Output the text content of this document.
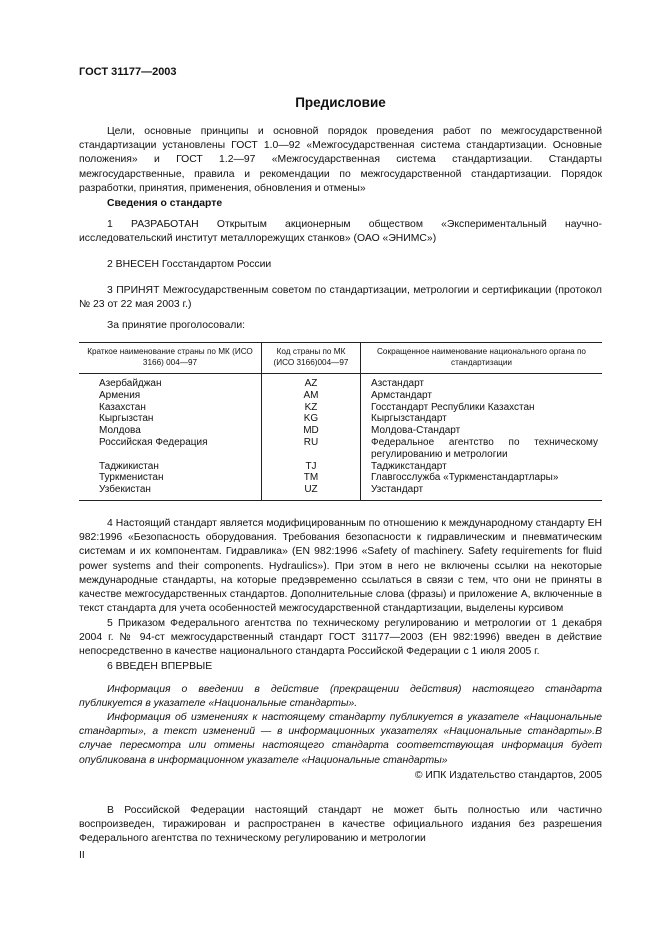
ГОСТ 31177—2003
Предисловие

Цели, основные принципы и основной порядок проведения работ по межгосударственной стандартизации установлены ГОСТ 1.0—92 «Межгосударственная система стандартизации. Основные положения» и ГОСТ 1.2—97 «Межгосударственная система стандартизации. Стандарты межгосударственные, правила и рекомендации по межгосударственной стандартизации. Порядок разработки, принятия, применения, обновления и отмены»

Сведения о стандарте

1 РАЗРАБОТАН Открытым акционерным обществом «Экспериментальный научно-исследовательский институт металлорежущих станков» (ОАО «ЭНИМС»)

2 ВНЕСЕН Госстандартом России

3 ПРИНЯТ Межгосударственным советом по стандартизации, метрологии и сертификации (протокол № 23 от 22 мая 2003 г.)

За принятие проголосовали:
Краткое наименование страны по МК (ИСО 3166) 004—97	Код страны по МК (ИСО 3166)004—97	Сокращенное наименование национального органа по стандартизации
Азербайджан	AZ	Азстандарт
Армения	AM	Армстандарт
Казахстан	KZ	Госстандарт Республики Казахстан
Кыргызстан	KG	Кыргызстандарт
Молдова	MD	Молдова-Стандарт
Российская Федерация	RU	Федеральное агентство по техническому регулированию и метрологии
Таджикистан	TJ	Таджикстандарт
Туркменистан	TM	Главгосслужба «Туркменстандартлары»
Узбекистан	UZ	Узстандарт

4 Настоящий стандарт является модифицированным по отношению к международному стандарту ЕН 982:1996 «Безопасность оборудования. Требования безопасности к гидравлическим и пневматическим системам и их компонентам. Гидравлика» (EN 982:1996 «Safety of machinery. Safety requirements for fluid power systems and their components. Hydraulics»). При этом в него не включены ссылки на некоторые международные стандарты, на которые предэвременно ссылаться в связи с тем, что они не приняты в качестве межгосударственных стандартов. Дополнительные слова (фразы) и приложение А, включенные в текст стандарта для учета особенностей межгосударственной стандартизации, выделены курсивом

5 Приказом Федерального агентства по техническому регулированию и метрологии от 1 декабря 2004 г. № 94-ст межгосударственный стандарт ГОСТ 31177—2003 (ЕН 982:1996) введен в действие непосредственно в качестве национального стандарта Российской Федерации с 1 июля 2005 г.

6 ВВЕДЕН ВПЕРВЫЕ

Информация о введении в действие (прекращении действия) настоящего стандарта публикуется в указателе «Национальные стандарты».

Информация об изменениях к настоящему стандарту публикуется в указателе «Национальные стандарты», а текст изменений — в информационных указателях «Национальные стандарты».В случае пересмотра или отмены настоящего стандарта соответствующая информация будет опубликована в информационном указателе «Национальные стандарты»

© ИПК Издательство стандартов, 2005

В Российской Федерации настоящий стандарт не может быть полностью или частично воспроизведен, тиражирован и распространен в качестве официального издания без разрешения Федерального агентства по техническому регулированию и метрологии

II
